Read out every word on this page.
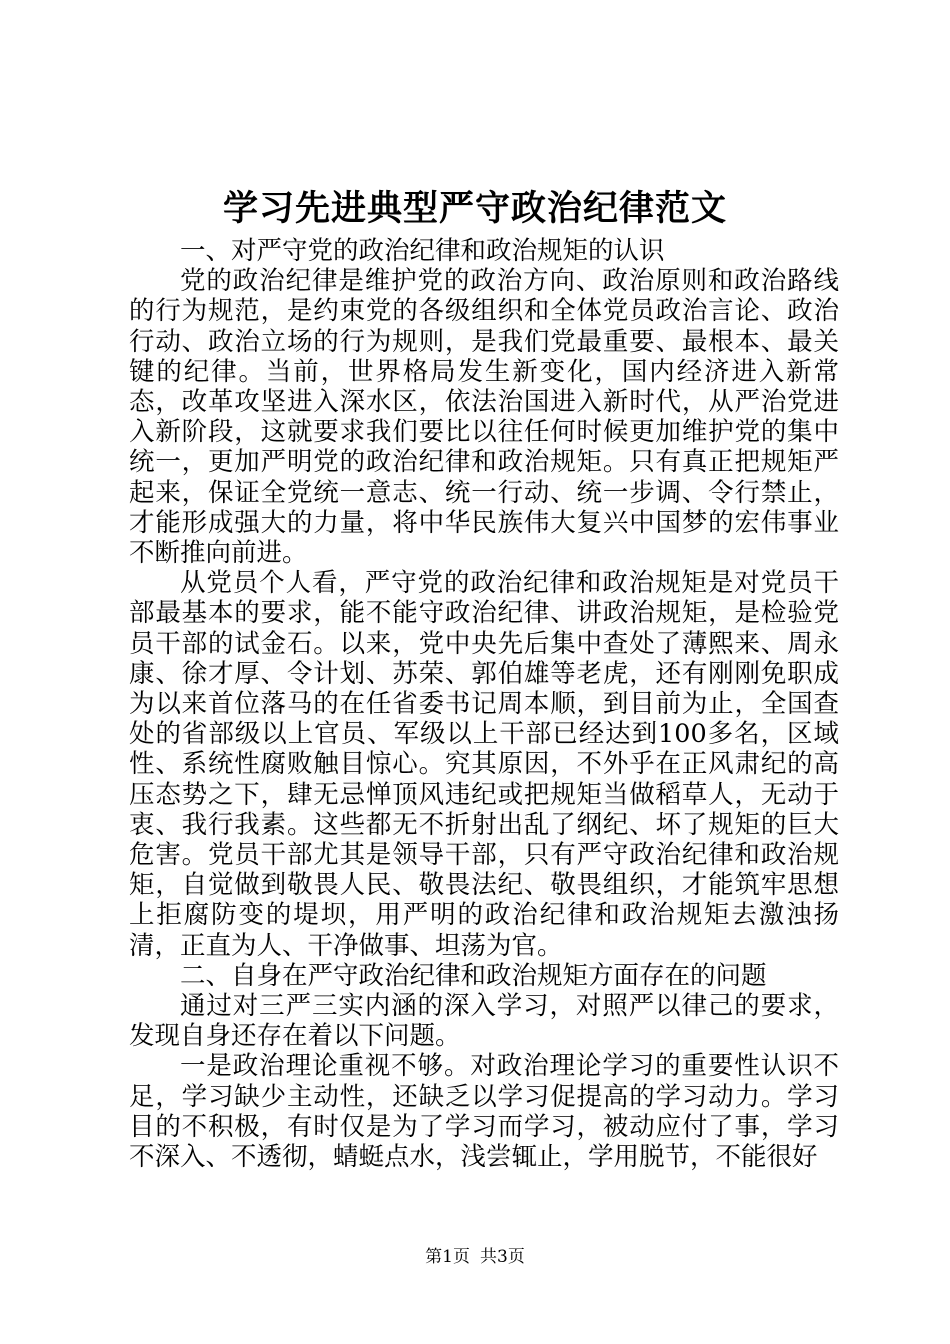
学习先进典型严守政治纪律范文

一、对严守党的政治纪律和政治规矩的认识

党的政治纪律是维护党的政治方向、政治原则和政治路线的行为规范，是约束党的各级组织和全体党员政治言论、政治行动、政治立场的行为规则，是我们党最重要、最根本、最关键的纪律。当前，世界格局发生新变化，国内经济进入新常态，改革攻坚进入深水区，依法治国进入新时代，从严治党进入新阶段，这就要求我们要比以往任何时候更加维护党的集中统一，更加严明党的政治纪律和政治规矩。只有真正把规矩严起来，保证全党统一意志、统一行动、统一步调、令行禁止，才能形成强大的力量，将中华民族伟大复兴中国梦的宏伟事业不断推向前进。

从党员个人看，严守党的政治纪律和政治规矩是对党员干部最基本的要求，能不能守政治纪律、讲政治规矩，是检验党员干部的试金石。以来，党中央先后集中查处了薄熙来、周永康、徐才厚、令计划、苏荣、郭伯雄等老虎，还有刚刚免职成为以来首位落马的在任省委书记周本顺，到目前为止，全国查处的省部级以上官员、军级以上干部已经达到100多名，区域性、系统性腐败触目惊心。究其原因，不外乎在正风肃纪的高压态势之下，肆无忌惮顶风违纪或把规矩当做稻草人，无动于衷、我行我素。这些都无不折射出乱了纲纪、坏了规矩的巨大危害。党员干部尤其是领导干部，只有严守政治纪律和政治规矩，自觉做到敬畏人民、敬畏法纪、敬畏组织，才能筑牢思想上拒腐防变的堤坝，用严明的政治纪律和政治规矩去激浊扬清，正直为人、干净做事、坦荡为官。

二、自身在严守政治纪律和政治规矩方面存在的问题

通过对三严三实内涵的深入学习，对照严以律己的要求，发现自身还存在着以下问题。

一是政治理论重视不够。对政治理论学习的重要性认识不足，学习缺少主动性，还缺乏以学习促提高的学习动力。学习目的不积极，有时仅是为了学习而学习，被动应付了事，学习不深入、不透彻，蜻蜓点水，浅尝辄止，学用脱节，不能很好

第1页 共3页
